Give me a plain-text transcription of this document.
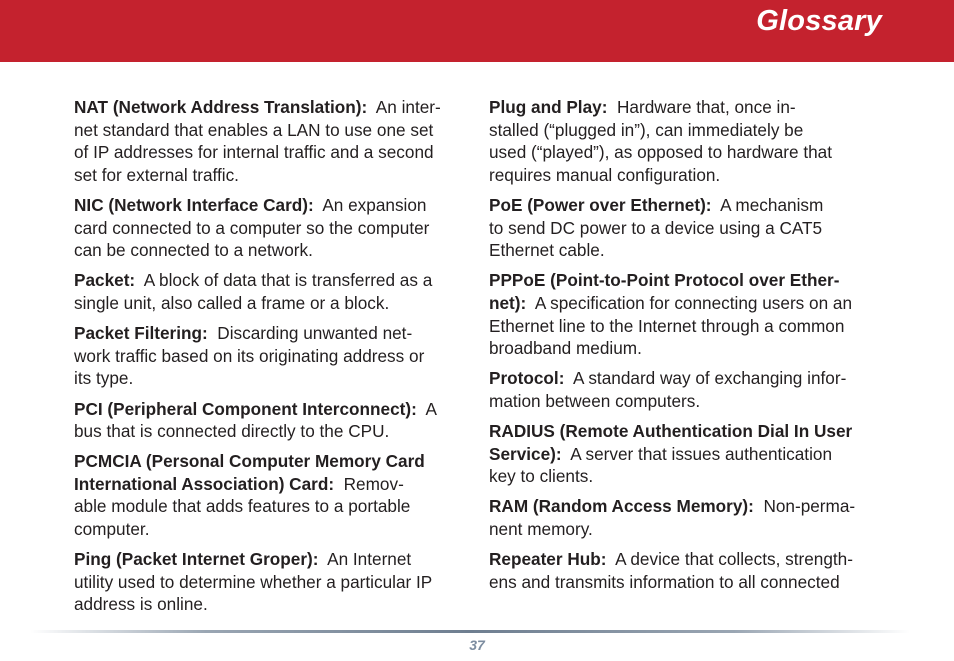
Glossary
NAT (Network Address Translation): An inter-
net standard that enables a LAN to use one set
of IP addresses for internal traffic and a second
set for external traffic.
NIC (Network Interface Card): An expansion
card connected to a computer so the computer
can be connected to a network.
Packet: A block of data that is transferred as a
single unit, also called a frame or a block.
Packet Filtering: Discarding unwanted net-
work traffic based on its originating address or
its type.
PCI (Peripheral Component Interconnect): A
bus that is connected directly to the CPU.
PCMCIA (Personal Computer Memory Card
International Association) Card: Remov-
able module that adds features to a portable
computer.
Ping (Packet Internet Groper): An Internet
utility used to determine whether a particular IP
address is online.
Plug and Play: Hardware that, once in-
stalled (“plugged in”), can immediately be
used (“played”), as opposed to hardware that
requires manual configuration.
PoE (Power over Ethernet): A mechanism
to send DC power to a device using a CAT5
Ethernet cable.
PPPoE (Point-to-Point Protocol over Ether-
net): A specification for connecting users on an
Ethernet line to the Internet through a common
broadband medium.
Protocol: A standard way of exchanging infor-
mation between computers.
RADIUS (Remote Authentication Dial In User
Service): A server that issues authentication
key to clients.
RAM (Random Access Memory): Non-perma-
nent memory.
Repeater Hub: A device that collects, strength-
ens and transmits information to all connected
37
